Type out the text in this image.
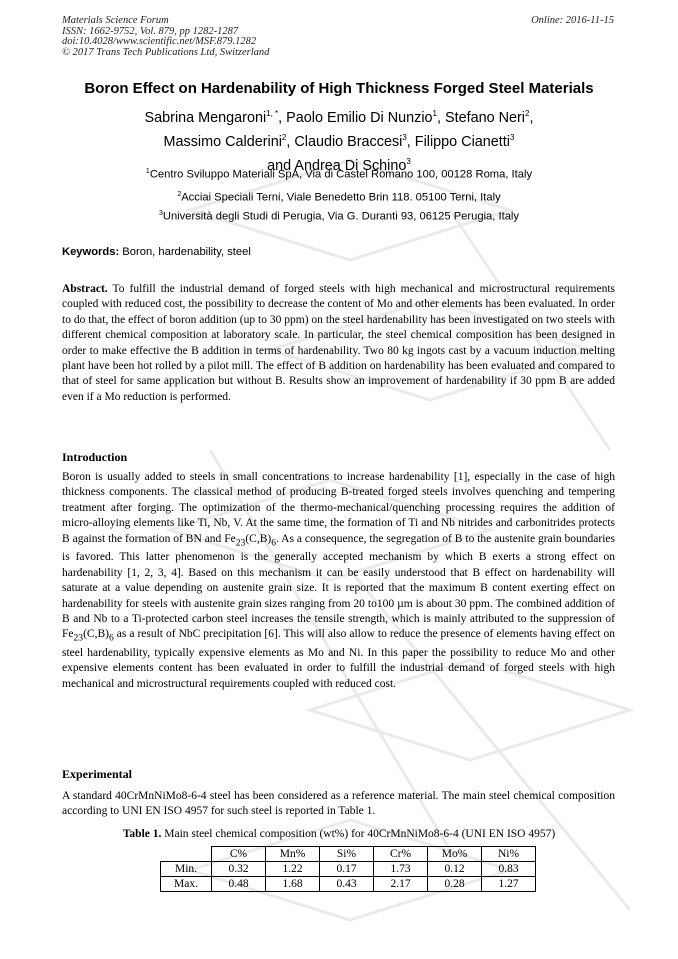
Materials Science Forum
ISSN: 1662-9752, Vol. 879, pp 1282-1287
doi:10.4028/www.scientific.net/MSF.879.1282
© 2017 Trans Tech Publications Ltd, Switzerland
Online: 2016-11-15
Boron Effect on Hardenability of High Thickness Forged Steel Materials
Sabrina Mengaroni$^{1, *}$, Paolo Emilio Di Nunzio$^1$, Stefano Neri$^2$,
Massimo Calderini$^2$, Claudio Braccesi$^3$, Filippo Cianetti$^3$
and Andrea Di Schino$^3$
$^1$Centro Sviluppo Materiali SpA, Via di Castel Romano 100, 00128 Roma, Italy
$^2$Acciai Speciali Terni, Viale Benedetto Brin 118. 05100 Terni, Italy
$^3$Università degli Studi di Perugia, Via G. Duranti 93, 06125 Perugia, Italy
Keywords: Boron, hardenability, steel

Abstract. To fulfill the industrial demand of forged steels with high mechanical and microstructural requirements coupled with reduced cost, the possibility to decrease the content of Mo and other elements has been evaluated. In order to do that, the effect of boron addition (up to 30 ppm) on the steel hardenability has been investigated on two steels with different chemical composition at laboratory scale. In particular, the steel chemical composition has been designed in order to make effective the B addition in terms of hardenability. Two 80 kg ingots cast by a vacuum induction melting plant have been hot rolled by a pilot mill. The effect of B addition on hardenability has been evaluated and compared to that of steel for same application but without B. Results show an improvement of hardenability if 30 ppm B are added even if a Mo reduction is performed.

Introduction

Boron is usually added to steels in small concentrations to increase hardenability [1], especially in the case of high thickness components. The classical method of producing B-treated forged steels involves quenching and tempering treatment after forging. The optimization of the thermo-mechanical/quenching processing requires the addition of micro-alloying elements like Ti, Nb, V. At the same time, the formation of Ti and Nb nitrides and carbonitrides protects B against the formation of BN and $Fe_{23}(C,B)_6$. As a consequence, the segregation of B to the austenite grain boundaries is favored. This latter phenomenon is the generally accepted mechanism by which B exerts a strong effect on hardenability [1, 2, 3, 4]. Based on this mechanism it can be easily understood that B effect on hardenability will saturate at a value depending on austenite grain size. It is reported that the maximum B content exerting effect on hardenability for steels with austenite grain sizes ranging from 20 to100 µm is about 30 ppm. The combined addition of B and Nb to a Ti-protected carbon steel increases the tensile strength, which is mainly attributed to the suppression of $Fe_{23}(C,B)_6$ as a result of NbC precipitation [6]. This will also allow to reduce the presence of elements having effect on steel hardenability, typically expensive elements as Mo and Ni. In this paper the possibility to reduce Mo and other expensive elements content has been evaluated in order to fulfill the industrial demand of forged steels with high mechanical and microstructural requirements coupled with reduced cost.

Experimental

A standard 40CrMnNiMo8-6-4 steel has been considered as a reference material. The main steel chemical composition according to UNI EN ISO 4957 for such steel is reported in Table 1.

Table 1. Main steel chemical composition (wt%) for 40CrMnNiMo8-6-4 (UNI EN ISO 4957)
	C%	Mn%	Si%	Cr%	Mo%	Ni%
Min.	0.32	1.22	0.17	1.73	0.12	0.83
Max.	0.48	1.68	0.43	2.17	0.28	1.27
